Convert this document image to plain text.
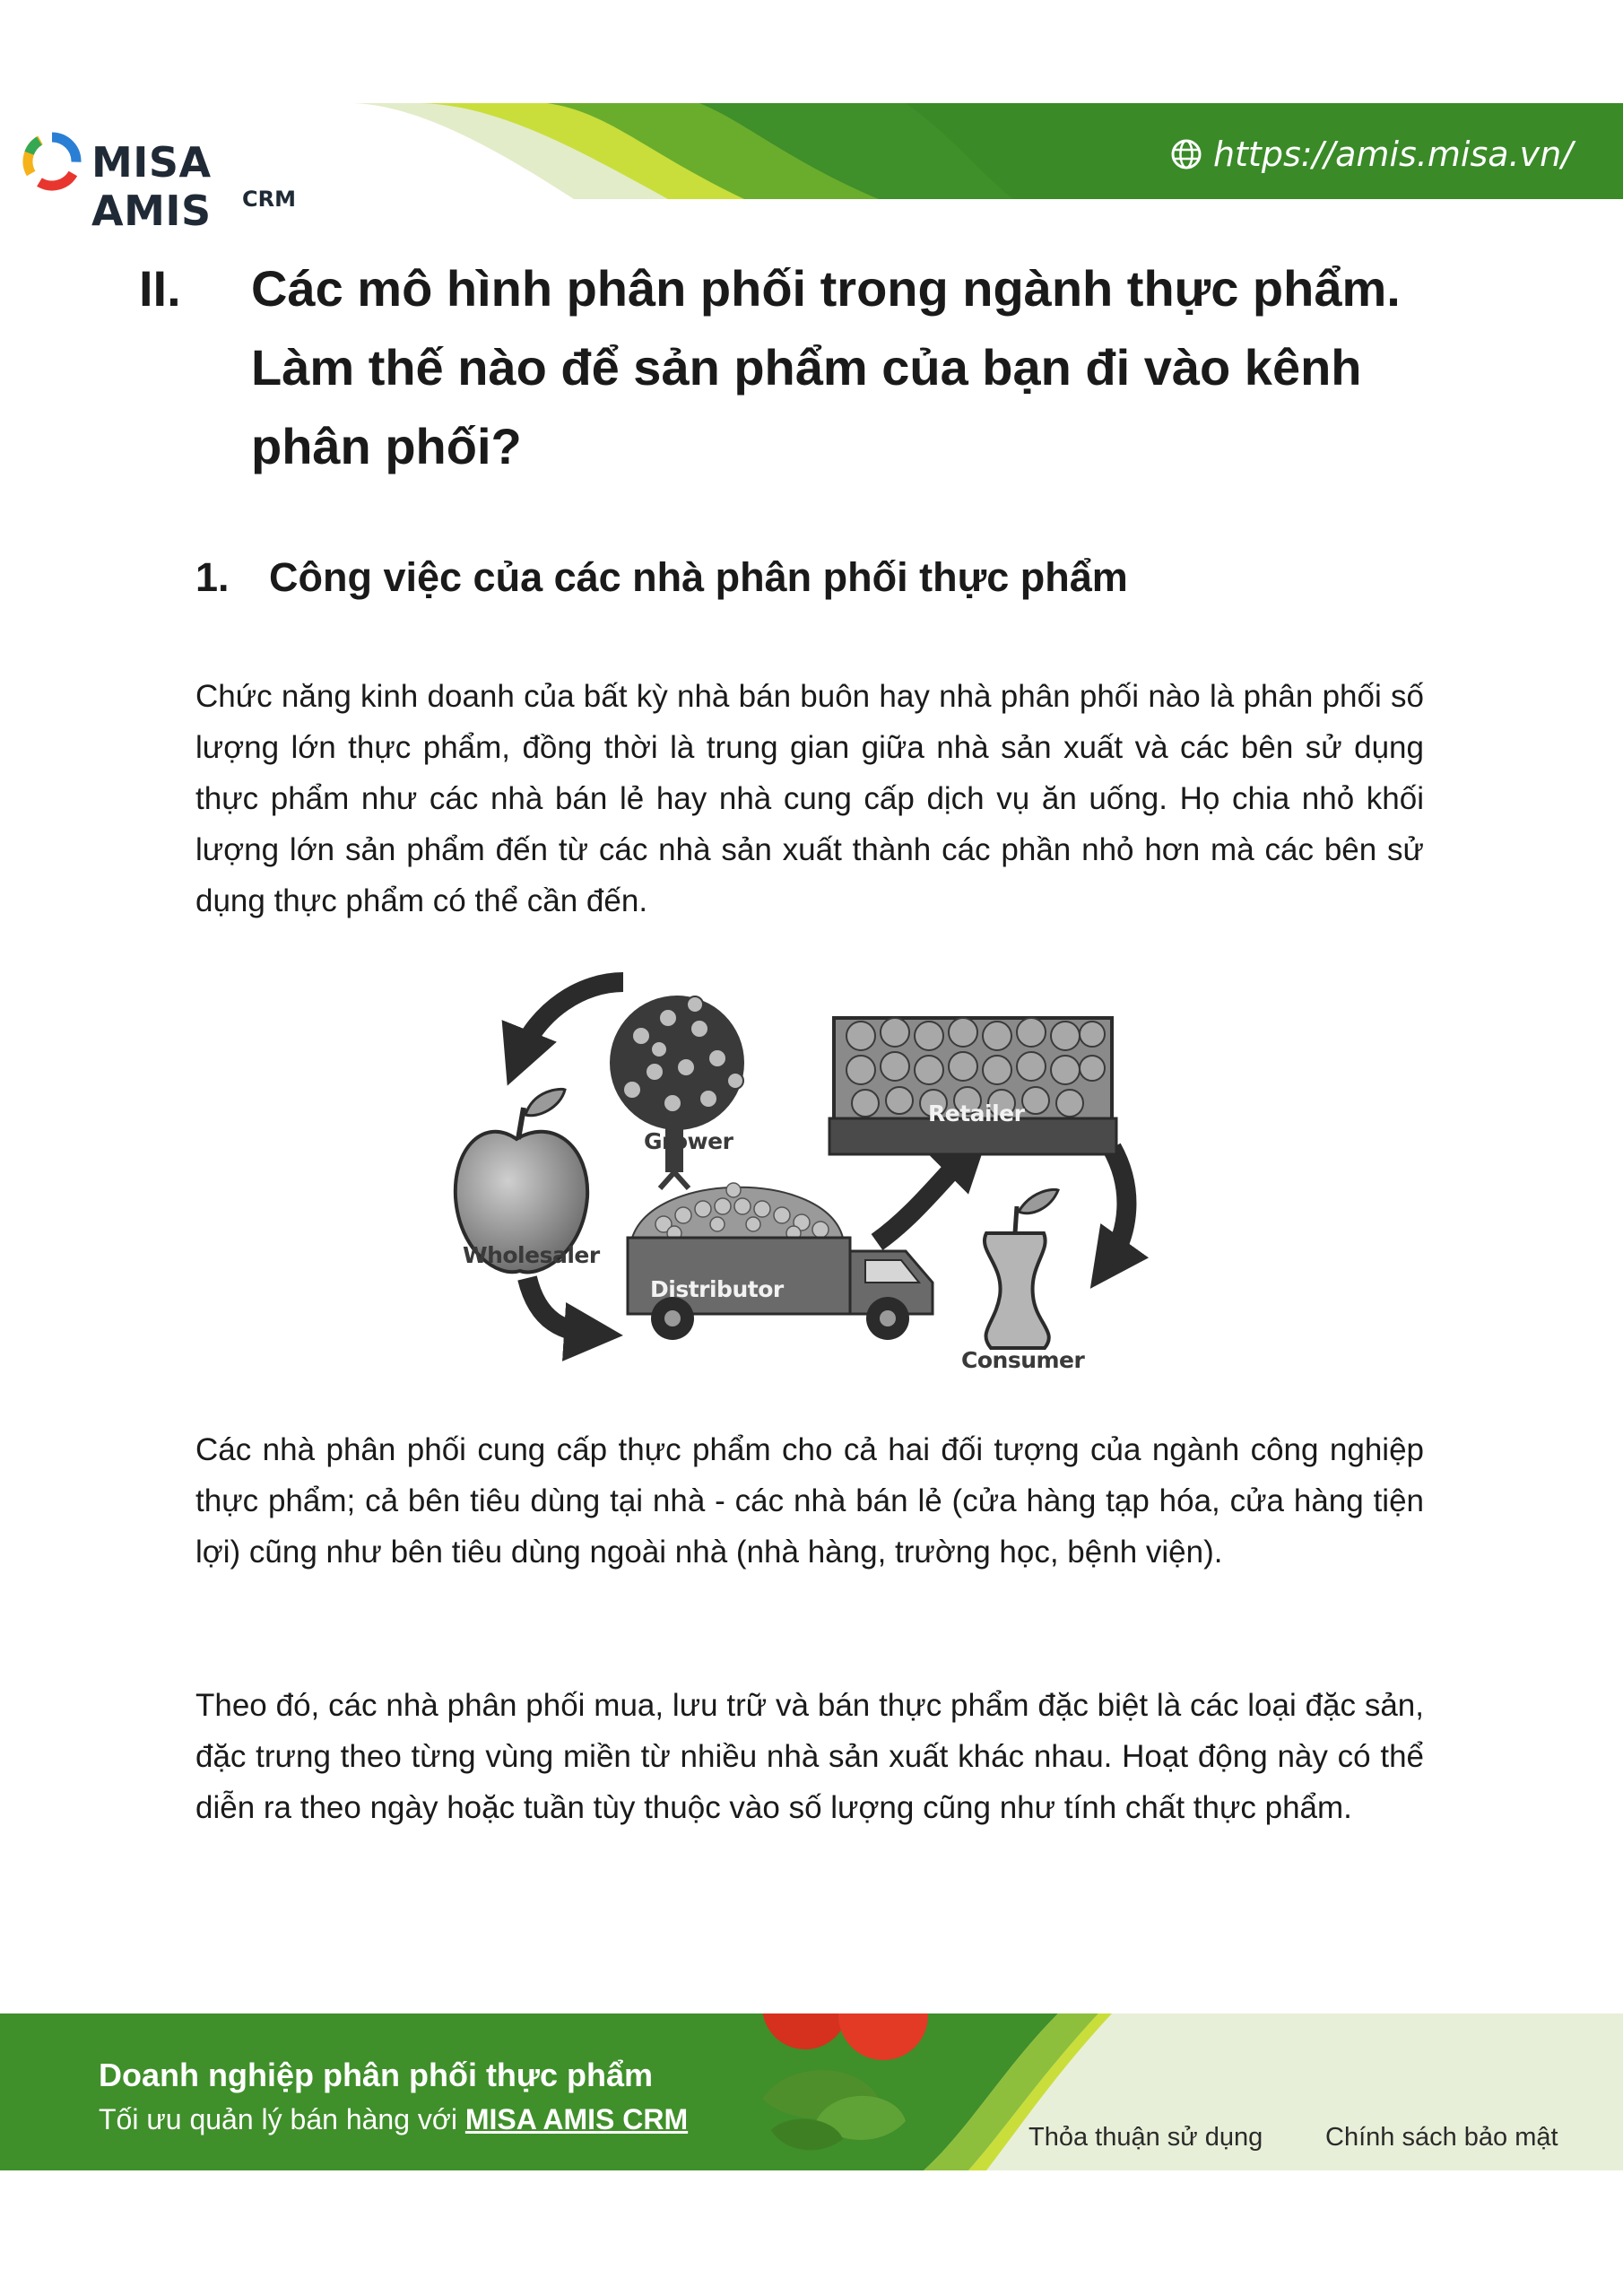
MISA AMIS	CRM
https://amis.misa.vn/
II. Các mô hình phân phối trong ngành thực phẩm. Làm thế nào để sản phẩm của bạn đi vào kênh phân phối?
1. Công việc của các nhà phân phối thực phẩm

Chức năng kinh doanh của bất kỳ nhà bán buôn hay nhà phân phối nào là phân phối số lượng lớn thực phẩm, đồng thời là trung gian giữa nhà sản xuất và các bên sử dụng thực phẩm như các nhà bán lẻ hay nhà cung cấp dịch vụ ăn uống. Họ chia nhỏ khối lượng lớn sản phẩm đến từ các nhà sản xuất thành các phần nhỏ hơn mà các bên sử dụng thực phẩm có thể cần đến.

Grower
Retailer
Wholesaler
Distributor
Consumer

Các nhà phân phối cung cấp thực phẩm cho cả hai đối tượng của ngành công nghiệp thực phẩm; cả bên tiêu dùng tại nhà - các nhà bán lẻ (cửa hàng tạp hóa, cửa hàng tiện lợi) cũng như bên tiêu dùng ngoài nhà (nhà hàng, trường học, bệnh viện).

Theo đó, các nhà phân phối mua, lưu trữ và bán thực phẩm đặc biệt là các loại đặc sản, đặc trưng theo từng vùng miền từ nhiều nhà sản xuất khác nhau. Hoạt động này có thể diễn ra theo ngày hoặc tuần tùy thuộc vào số lượng cũng như tính chất thực phẩm.

Doanh nghiệp phân phối thực phẩm
Tối ưu quản lý bán hàng với MISA AMIS CRM
Thỏa thuận sử dụng Chính sách bảo mật
